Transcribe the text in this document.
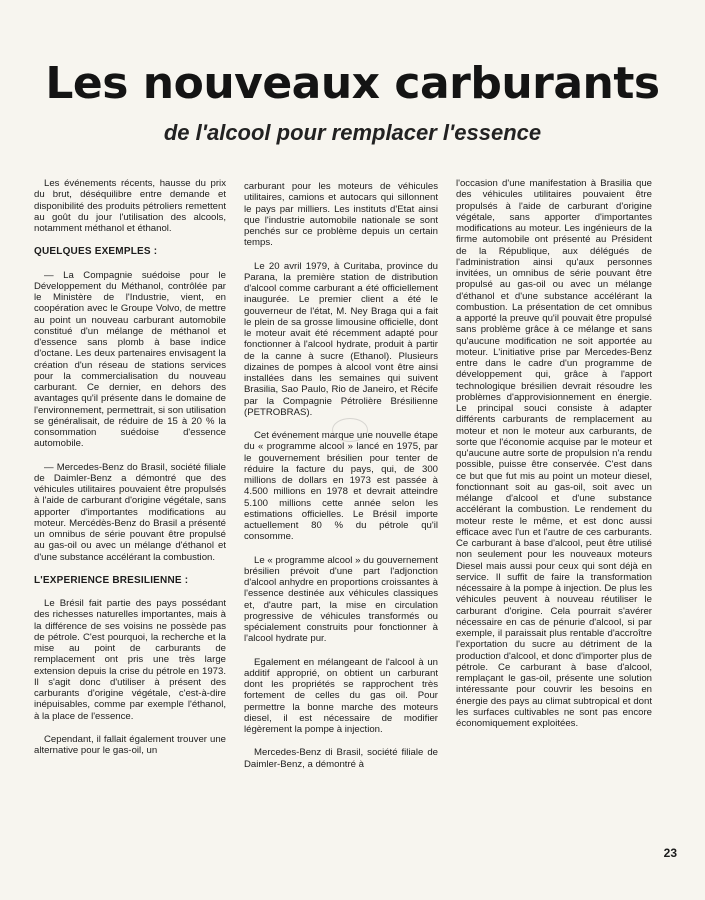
Les nouveaux carburants
de l'alcool pour remplacer l'essence

Les événements récents, hausse du prix du brut, déséquilibre entre demande et disponibilité des produits pétroliers remettent au goût du jour l'utilisation des alcools, notamment méthanol et éthanol.

QUELQUES EXEMPLES :

— La Compagnie suédoise pour le Développement du Méthanol, contrôlée par le Ministère de l'Industrie, vient, en coopération avec le Groupe Volvo, de mettre au point un nouveau carburant automobile constitué d'un mélange de méthanol et d'essence sans plomb à base indice d'octane. Les deux partenaires envisagent la création d'un réseau de stations services pour la commercialisation du nouveau carburant. Ce dernier, en dehors des avantages qu'il présente dans le domaine de l'environnement, permettrait, si son utilisation se généralisait, de réduire de 15 à 20 % la consommation suédoise d'essence automobile.

— Mercedes-Benz do Brasil, société filiale de Daimler-Benz a démontré que des véhicules utilitaires pouvaient être propulsés à l'aide de carburant d'origine végétale, sans apporter d'importantes modifications au moteur. Mercédès-Benz do Brasil a présenté un omnibus de série pouvant être propulsé au gas-oil ou avec un mélange d'éthanol et d'une substance accélérant la combustion.

L'EXPERIENCE BRESILIENNE :

Le Brésil fait partie des pays possédant des richesses naturelles importantes, mais à la différence de ses voisins ne possède pas de pétrole. C'est pourquoi, la recherche et la mise au point de carburants de remplacement ont pris une très large extension depuis la crise du pétrole en 1973. Il s'agit donc d'utiliser à présent des carburants d'origine végétale, c'est-à-dire inépuisables, comme par exemple l'éthanol, à la place de l'essence.

Cependant, il fallait également trouver une alternative pour le gas-oil, un

carburant pour les moteurs de véhicules utilitaires, camions et autocars qui sillonnent le pays par milliers. Les instituts d'Etat ainsi que l'industrie automobile nationale se sont penchés sur ce problème depuis un certain temps.

Le 20 avril 1979, à Curitaba, province du Parana, la première station de distribution d'alcool comme carburant a été officiellement inaugurée. Le premier client a été le gouverneur de l'état, M. Ney Braga qui a fait le plein de sa grosse limousine officielle, dont le moteur avait été récemment adapté pour fonctionner à l'alcool hydrate, produit à partir de la canne à sucre (Ethanol). Plusieurs dizaines de pompes à alcool vont être ainsi installées dans les semaines qui suivent Brasilia, Sao Paulo, Rio de Janeiro, et Récife par la Compagnie Pétrolière Brésilienne (PETROBRAS).

Cet événement marque une nouvelle étape du « programme alcool » lancé en 1975, par le gouvernement brésilien pour tenter de réduire la facture du pays, qui, de 300 millions de dollars en 1973 est passée à 4.500 millions en 1978 et devrait atteindre 5.100 millions cette année selon les estimations officielles. Le Brésil importe actuellement 80 % du pétrole qu'il consomme.

Le « programme alcool » du gouvernement brésilien prévoit d'une part l'adjonction d'alcool anhydre en proportions croissantes à l'essence destinée aux véhicules classiques et, d'autre part, la mise en circulation progressive de véhicules transformés ou spécialement construits pour fonctionner à l'alcool hydrate pur.

Egalement en mélangeant de l'alcool à un additif approprié, on obtient un carburant dont les propriétés se rapprochent très fortement de celles du gas oil. Pour permettre la bonne marche des moteurs diesel, il est nécessaire de modifier légèrement la pompe à injection.

Mercedes-Benz di Brasil, société filiale de Daimler-Benz, a démontré à

l'occasion d'une manifestation à Brasilia que des véhicules utilitaires pouvaient être propulsés à l'aide de carburant d'origine végétale, sans apporter d'importantes modifications au moteur. Les ingénieurs de la firme automobile ont présenté au Président de la République, aux délégués de l'administration ainsi qu'aux personnes invitées, un omnibus de série pouvant être propulsé au gas-oil ou avec un mélange d'éthanol et d'une substance accélérant la combustion. La présentation de cet omnibus a apporté la preuve qu'il pouvait être propulsé sans problème grâce à ce mélange et sans qu'aucune modification ne soit apportée au moteur. L'initiative prise par Mercedes-Benz entre dans le cadre d'un programme de développement qui, grâce à l'apport technologique brésilien devrait résoudre les problèmes d'approvisionnement en énergie. Le principal souci consiste à adapter différents carburants de remplacement au moteur et non le moteur aux carburants, de sorte que l'économie acquise par le moteur et qu'aucune autre sorte de propulsion n'a rendu possible, puisse être conservée. C'est dans ce but que fut mis au point un moteur diesel, fonctionnant soit au gas-oil, soit avec un mélange d'alcool et d'une substance accélérant la combustion. Le rendement du moteur reste le même, et est donc aussi efficace avec l'un et l'autre de ces carburants. Ce carburant à base d'alcool, peut être utilisé non seulement pour les nouveaux moteurs Diesel mais aussi pour ceux qui sont déjà en service. Il suffit de faire la transformation nécessaire à la pompe à injection. De plus les véhicules peuvent à nouveau réutiliser le carburant d'origine. Cela pourrait s'avérer nécessaire en cas de pénurie d'alcool, si par exemple, il paraissait plus rentable d'accroître l'exportation du sucre au détriment de la production d'alcool, et donc d'importer plus de pétrole. Ce carburant à base d'alcool, remplaçant le gas-oil, présente une solution intéressante pour couvrir les besoins en énergie des pays au climat subtropical et dont les surfaces cultivables ne sont pas encore économiquement exploitées.

23
